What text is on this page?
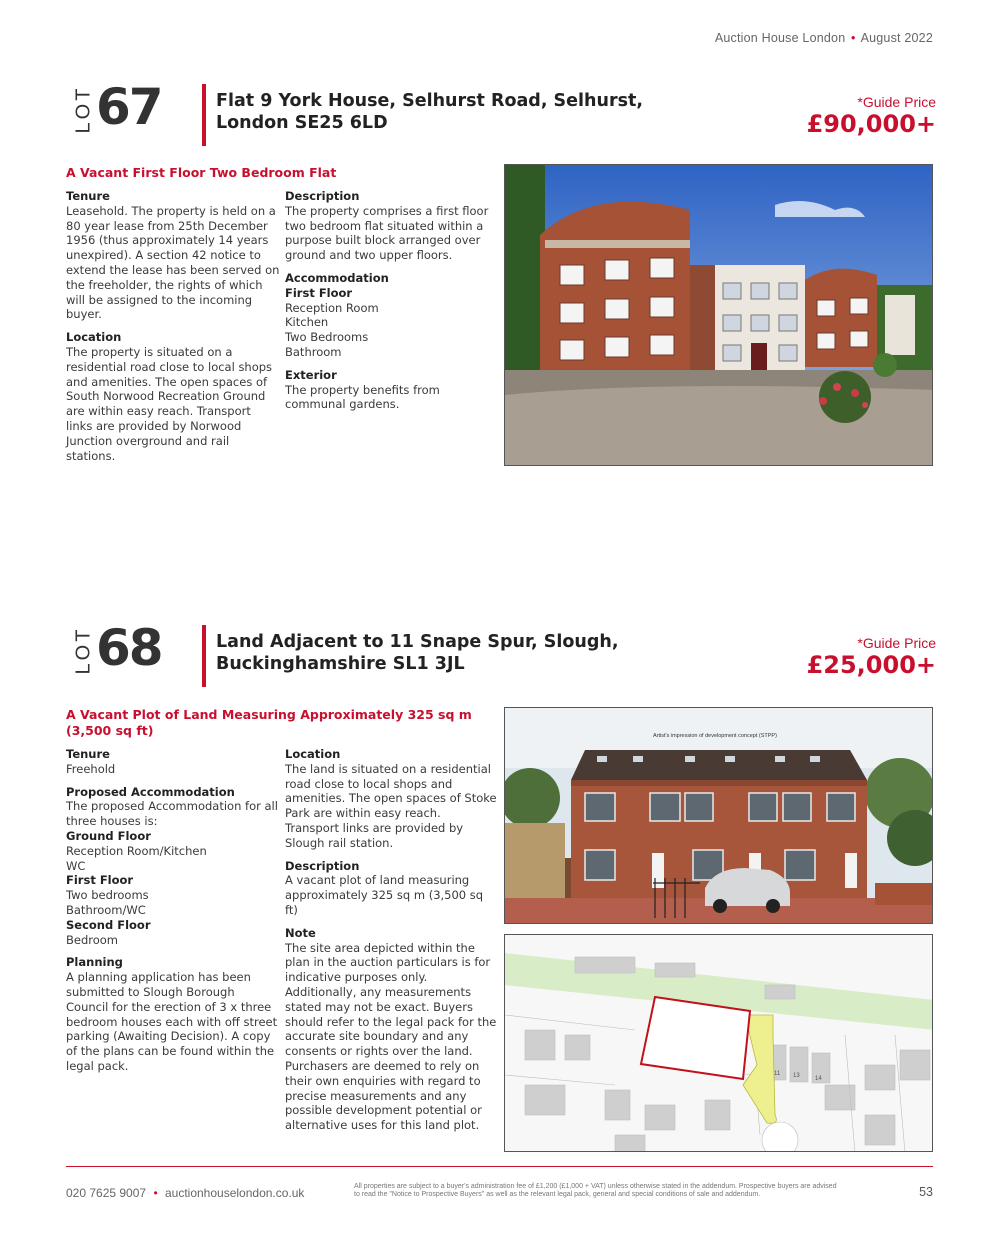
Auction House London • August 2022
LOT 67	Flat 9 York House, Selhurst Road, Selhurst,
London SE25 6LD
*Guide Price
£90,000+
A Vacant First Floor Two Bedroom Flat
Tenure

Leasehold. The property is held on a 80 year lease from 25th December 1956 (thus approximately 14 years unexpired). A section 42 notice to extend the lease has been served on the freeholder, the rights of which will be assigned to the incoming buyer.

Location

The property is situated on a residential road close to local shops and amenities. The open spaces of South Norwood Recreation Ground are within easy reach. Transport links are provided by Norwood Junction overground and rail stations.

Description

The property comprises a first floor two bedroom flat situated within a purpose built block arranged over ground and two upper floors.

Accommodation
First Floor
Reception Room
Kitchen
Two Bedrooms
Bathroom
Exterior

The property benefits from communal gardens.

LOT 68	Land Adjacent to 11 Snape Spur, Slough,
Buckinghamshire SL1 3JL
*Guide Price
£25,000+
A Vacant Plot of Land Measuring Approximately 325 sq m (3,500 sq ft)
Tenure

Freehold

Proposed Accommodation

The proposed Accommodation for all three houses is:

Ground Floor
Reception Room/Kitchen
WC
First Floor
Two bedrooms
Bathroom/WC
Second Floor
Bedroom
Planning

A planning application has been submitted to Slough Borough Council for the erection of 3 x three bedroom houses each with off street parking (Awaiting Decision). A copy of the plans can be found within the legal pack.

Location

The land is situated on a residential road close to local shops and amenities. The open spaces of Stoke Park are within easy reach. Transport links are provided by Slough rail station.

Description

A vacant plot of land measuring approximately 325 sq m (3,500 sq ft)

Note

The site area depicted within the plan in the auction particulars is for indicative purposes only. Additionally, any measurements stated may not be exact. Buyers should refer to the legal pack for the accurate site boundary and any consents or rights over the land. Purchasers are deemed to rely on their own enquiries with regard to precise measurements and any possible development potential or alternative uses for this land plot.

Artist's impression of development concept (STPP)
11 13	14
020 7625 9007 • auctionhouselondon.co.uk	All properties are subject to a buyer's administration fee of £1,200 (£1,000 + VAT) unless otherwise stated in the addendum. Prospective buyers are advised to read the "Notice to Prospective Buyers" as well as the relevant legal pack, general and special conditions of sale and addendum.	53
